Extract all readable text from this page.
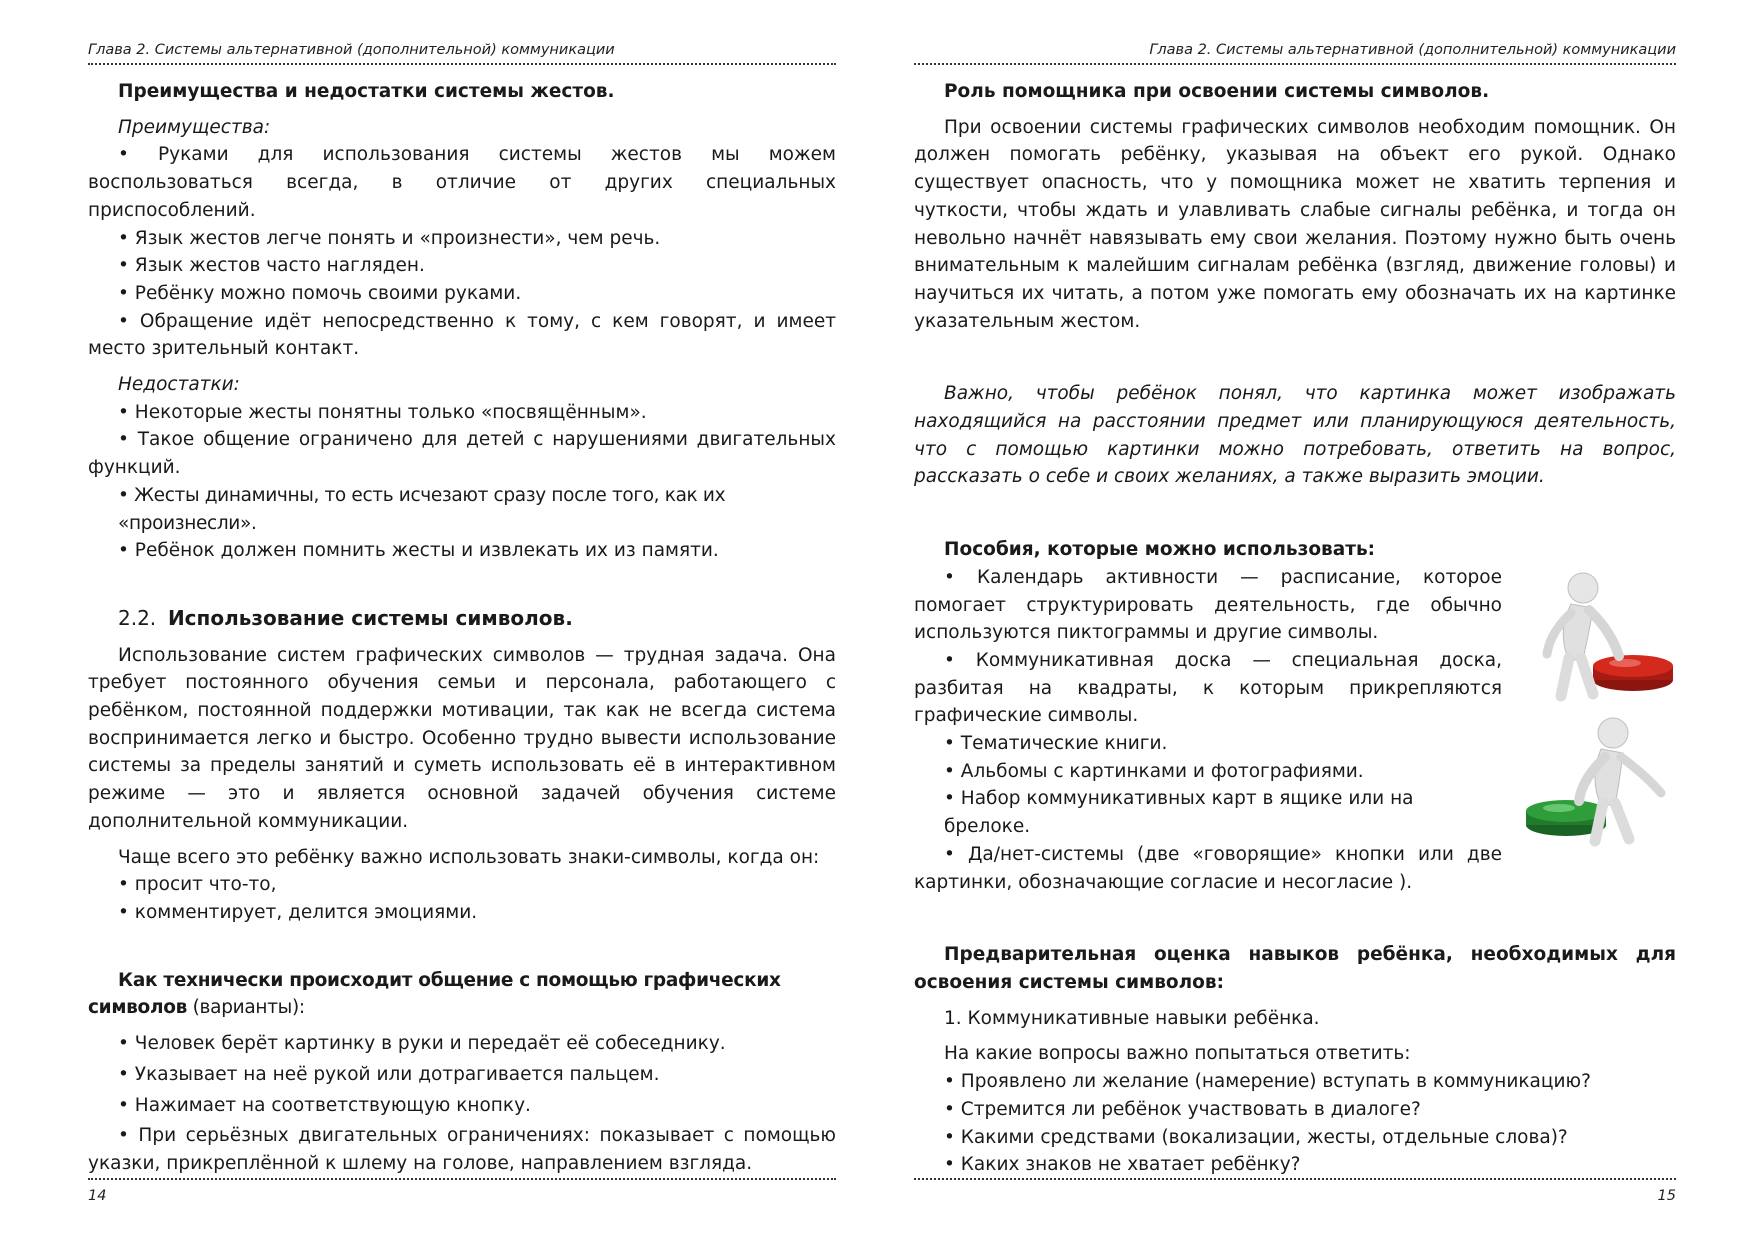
Глава 2. Системы альтернативной (дополнительной) коммуникации

Преимущества и недостатки системы жестов.

Преимущества:

• Руками для использования системы жестов мы можем воспользоваться всегда, в отличие от других специальных приспособлений.

• Язык жестов легче понять и «произнести», чем речь.

• Язык жестов часто нагляден.

• Ребёнку можно помочь своими руками.

• Обращение идёт непосредственно к тому, с кем говорят, и имеет место зрительный контакт.

Недостатки:

• Некоторые жесты понятны только «посвящённым».

• Такое общение ограничено для детей с нарушениями двигательных функций.

• Жесты динамичны, то есть исчезают сразу после того, как их «произнесли».

• Ребёнок должен помнить жесты и извлекать их из памяти.

2.2. Использование системы символов.

Использование систем графических символов — трудная задача. Она требует постоянного обучения семьи и персонала, работающего с ребёнком, постоянной поддержки мотивации, так как не всегда система воспринимается легко и быстро. Особенно трудно вывести использование системы за пределы занятий и суметь использовать её в интерактивном режиме — это и является основной задачей обучения системе дополнительной коммуникации.

Чаще всего это ребёнку важно использовать знаки-символы, когда он:

• просит что-то,

• комментирует, делится эмоциями.

Как технически происходит общение с помощью графических символов (варианты):

• Человек берёт картинку в руки и передаёт её собеседнику.

• Указывает на неё рукой или дотрагивается пальцем.

• Нажимает на соответствующую кнопку.

• При серьёзных двигательных ограничениях: показывает с помощью указки, прикреплённой к шлему на голове, направлением взгляда.

14
Глава 2. Системы альтернативной (дополнительной) коммуникации

Роль помощника при освоении системы символов.

При освоении системы графических символов необходим помощник. Он должен помогать ребёнку, указывая на объект его рукой. Однако существует опасность, что у помощника может не хватить терпения и чуткости, чтобы ждать и улавливать слабые сигналы ребёнка, и тогда он невольно начнёт навязывать ему свои желания. Поэтому нужно быть очень внимательным к малейшим сигналам ребёнка (взгляд, движение головы) и научиться их читать, а потом уже помогать ему обозначать их на картинке указательным жестом.

Важно, чтобы ребёнок понял, что картинка может изображать находящийся на расстоянии предмет или планирующуюся деятельность, что с помощью картинки можно потребовать, ответить на вопрос, рассказать о себе и своих желаниях, а также выразить эмоции.

Пособия, которые можно использовать:

• Календарь активности — расписание, которое помогает структурировать деятельность, где обычно используются пиктограммы и другие символы.

• Коммуникативная доска — специальная доска, разбитая на квадраты, к которым прикрепляются графические символы.

• Тематические книги.

• Альбомы с картинками и фотографиями.

• Набор коммуникативных карт в ящике или на брелоке.

• Да/нет-системы (две «говорящие» кнопки или две картинки, обозначающие согласие и несогласие ).

Предварительная оценка навыков ребёнка, необходимых для освоения системы символов:

1. Коммуникативные навыки ребёнка.

На какие вопросы важно попытаться ответить:

• Проявлено ли желание (намерение) вступать в коммуникацию?

• Стремится ли ребёнок участвовать в диалоге?

• Какими средствами (вокализации, жесты, отдельные слова)?

• Каких знаков не хватает ребёнку?

15
